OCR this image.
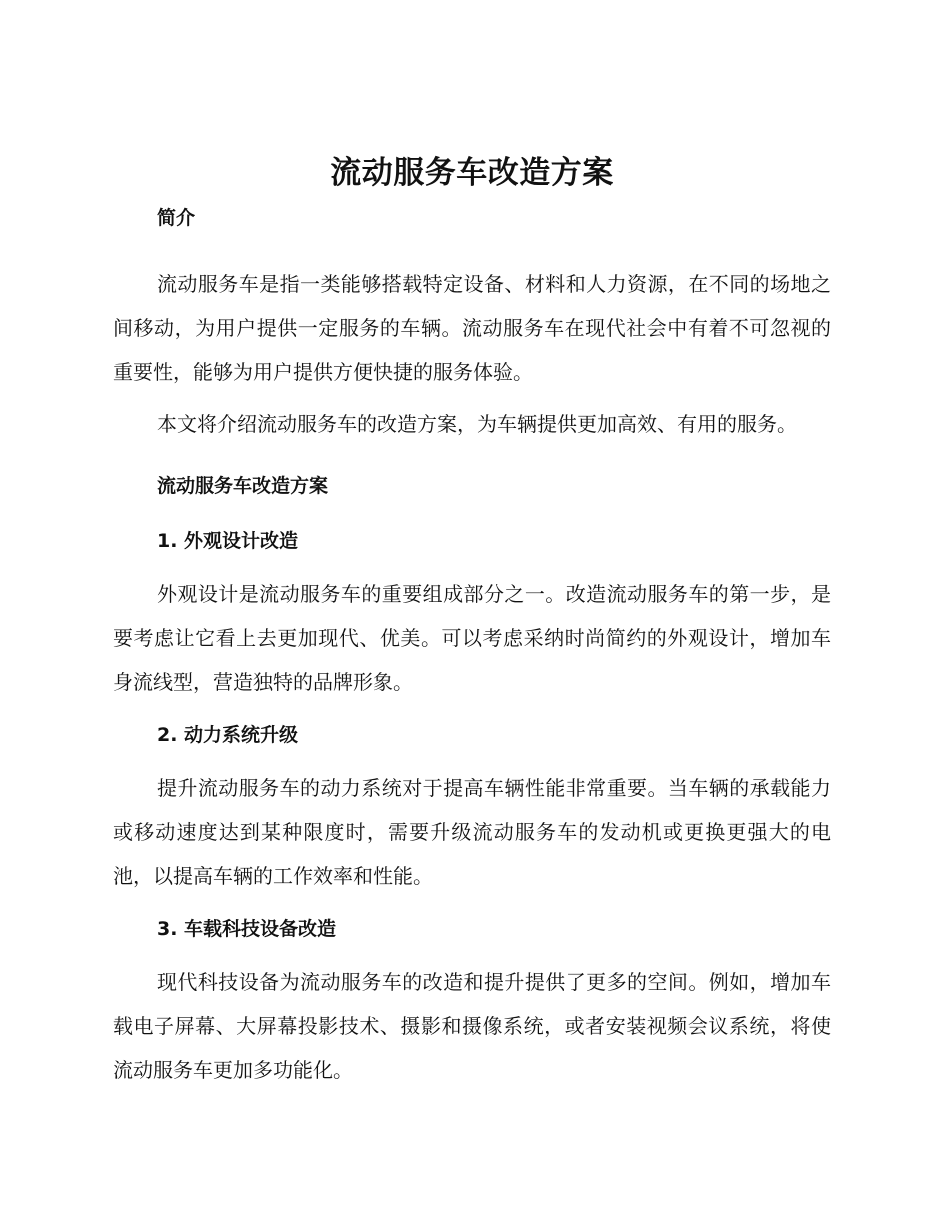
流动服务车改造方案
简介

流动服务车是指一类能够搭载特定设备、材料和人力资源，在不同的场地之间移动，为用户提供一定服务的车辆。流动服务车在现代社会中有着不可忽视的重要性，能够为用户提供方便快捷的服务体验。

本文将介绍流动服务车的改造方案，为车辆提供更加高效、有用的服务。

流动服务车改造方案
1. 外观设计改造

外观设计是流动服务车的重要组成部分之一。改造流动服务车的第一步，是要考虑让它看上去更加现代、优美。可以考虑采纳时尚简约的外观设计，增加车身流线型，营造独特的品牌形象。

2. 动力系统升级

提升流动服务车的动力系统对于提高车辆性能非常重要。当车辆的承载能力或移动速度达到某种限度时，需要升级流动服务车的发动机或更换更强大的电池，以提高车辆的工作效率和性能。

3. 车载科技设备改造

现代科技设备为流动服务车的改造和提升提供了更多的空间。例如，增加车载电子屏幕、大屏幕投影技术、摄影和摄像系统，或者安装视频会议系统，将使流动服务车更加多功能化。
